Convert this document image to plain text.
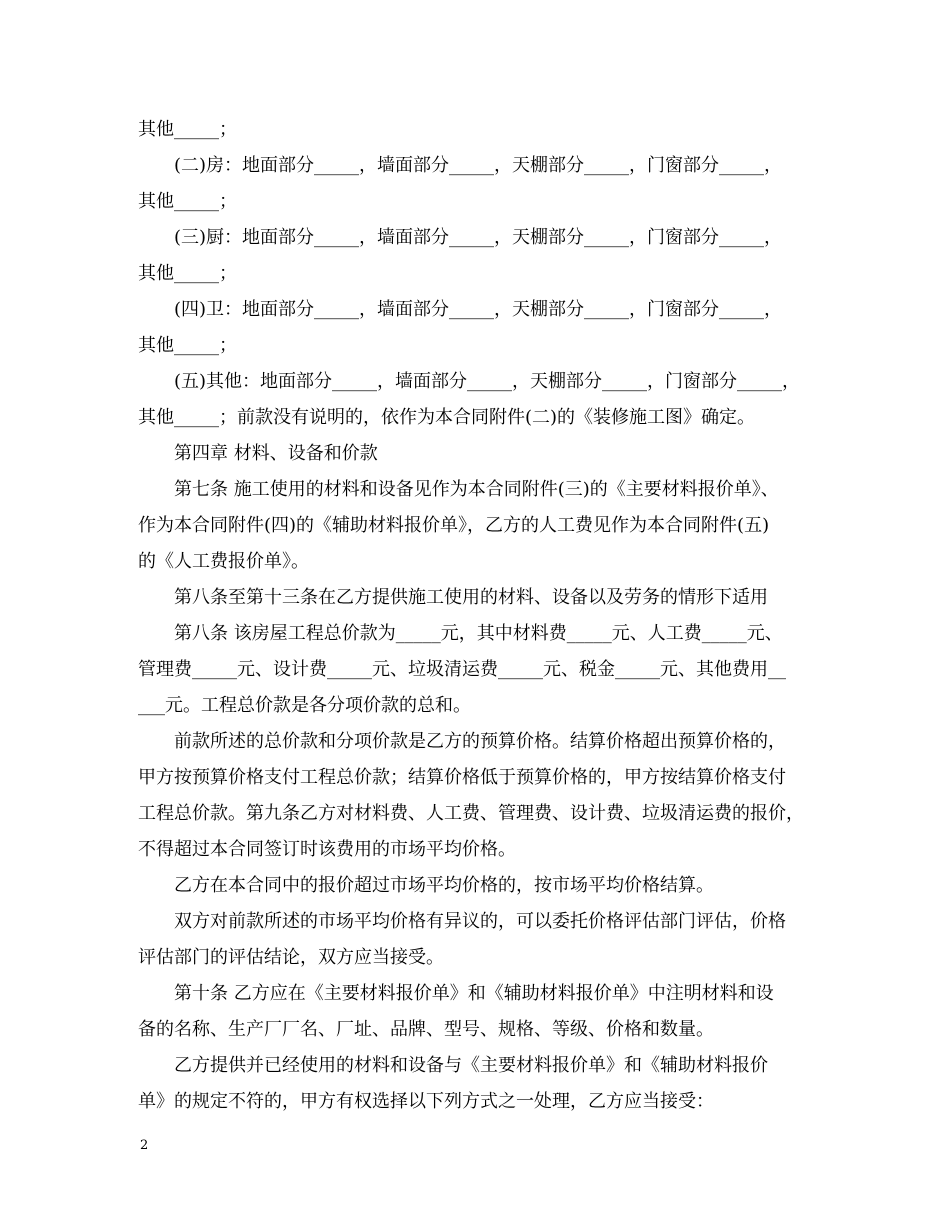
其他_____；
(二)房：地面部分_____，墙面部分_____，天棚部分_____，门窗部分_____，
其他_____；
(三)厨：地面部分_____，墙面部分_____，天棚部分_____，门窗部分_____，
其他_____；
(四)卫：地面部分_____，墙面部分_____，天棚部分_____，门窗部分_____，
其他_____；
(五)其他：地面部分_____，墙面部分_____，天棚部分_____，门窗部分_____，
其他_____；前款没有说明的，依作为本合同附件(二)的《装修施工图》确定。
第四章 材料、设备和价款
第七条 施工使用的材料和设备见作为本合同附件(三)的《主要材料报价单》、
作为本合同附件(四)的《辅助材料报价单》，乙方的人工费见作为本合同附件(五)
的《人工费报价单》。
第八条至第十三条在乙方提供施工使用的材料、设备以及劳务的情形下适用
第八条 该房屋工程总价款为_____元，其中材料费_____元、人工费_____元、
管理费_____元、设计费_____元、垃圾清运费_____元、税金_____元、其他费用__
___元。工程总价款是各分项价款的总和。
前款所述的总价款和分项价款是乙方的预算价格。结算价格超出预算价格的，
甲方按预算价格支付工程总价款；结算价格低于预算价格的，甲方按结算价格支付
工程总价款。第九条乙方对材料费、人工费、管理费、设计费、垃圾清运费的报价，
不得超过本合同签订时该费用的市场平均价格。
乙方在本合同中的报价超过市场平均价格的，按市场平均价格结算。
双方对前款所述的市场平均价格有异议的，可以委托价格评估部门评估，价格
评估部门的评估结论，双方应当接受。
第十条 乙方应在《主要材料报价单》和《辅助材料报价单》中注明材料和设
备的名称、生产厂厂名、厂址、品牌、型号、规格、等级、价格和数量。
乙方提供并已经使用的材料和设备与《主要材料报价单》和《辅助材料报价
单》的规定不符的，甲方有权选择以下列方式之一处理，乙方应当接受：
2
